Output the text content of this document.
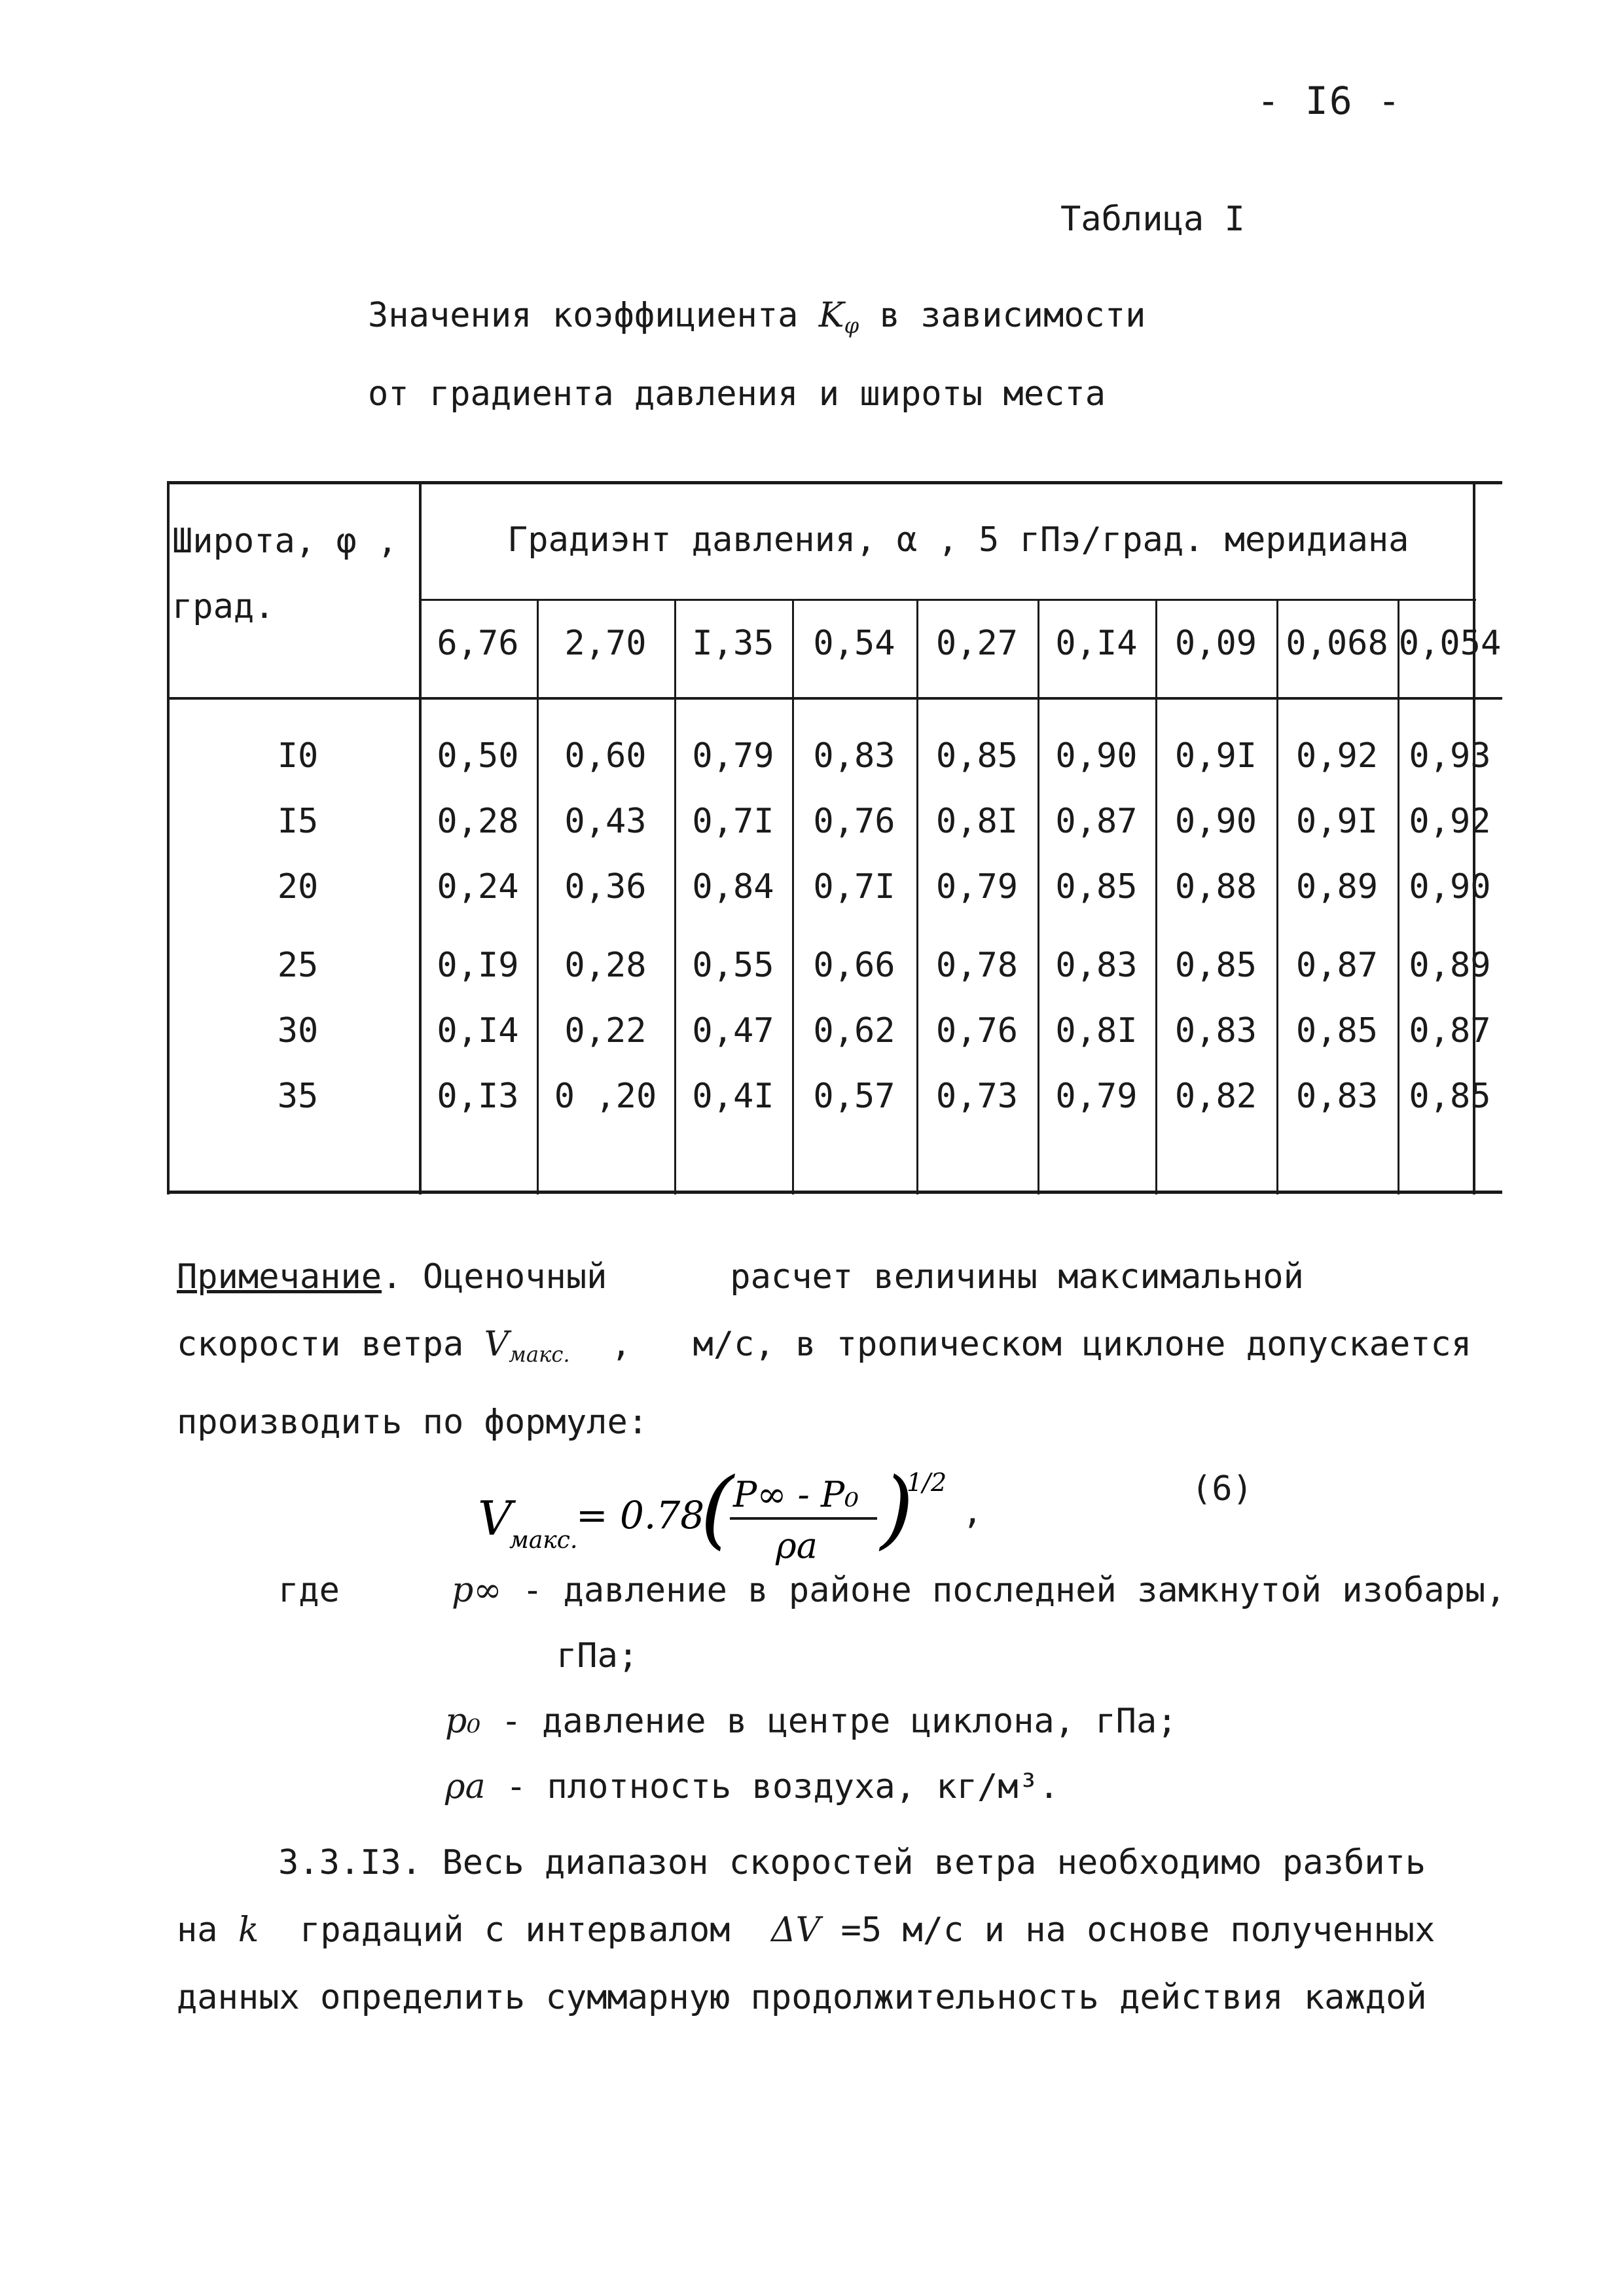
- I6 -
Таблица I
Значения коэффициента $K_\varphi$ в зависимости
от градиента давления и широты места
Широта, φ ,
град.
Градиэнт давления, α , 5 гПэ/град. меридиана
6,76	2,70	I,35	0,54	0,27	0,I4	0,09 0,068 0,054
I0	0,50	0,60	0,79	0,83	0,85	0,90	0,9I	0,92 0,93
I5	0,28	0,43	0,7I	0,76	0,8I	0,87	0,90	0,9I 0,92
20	0,24	0,36	0,84	0,7I	0,79	0,85	0,88	0,89 0,90
25	0,I9	0,28	0,55	0,66	0,78	0,83	0,85	0,87 0,89
30	0,I4	0,22	0,47	0,62	0,76	0,8I	0,83	0,85 0,87
35	0,I3	0 ,20	0,4I	0,57	0,73	0,79	0,82	0,83 0,85
Примечание. Оценочный      расчет величины максимальной
скорости ветра $V_{макс.}$  ,   м/с, в тропическом циклоне допускается
производить по формуле:
V
макс.
= 0.78
( P∞ - P₀
ρa )
1/2
,
(6)
где	p∞ - давление в районе последней замкнутой изобары,
гПа;
p₀ - давление в центре циклона, гПа;
ρa - плотность воздуха, кг/м³.
3.3.I3. Весь диапазон скоростей ветра необходимо разбить
на k  градаций с интервалом  ΔV =5 м/с и на основе полученных
данных определить суммарную продолжительность действия каждой
